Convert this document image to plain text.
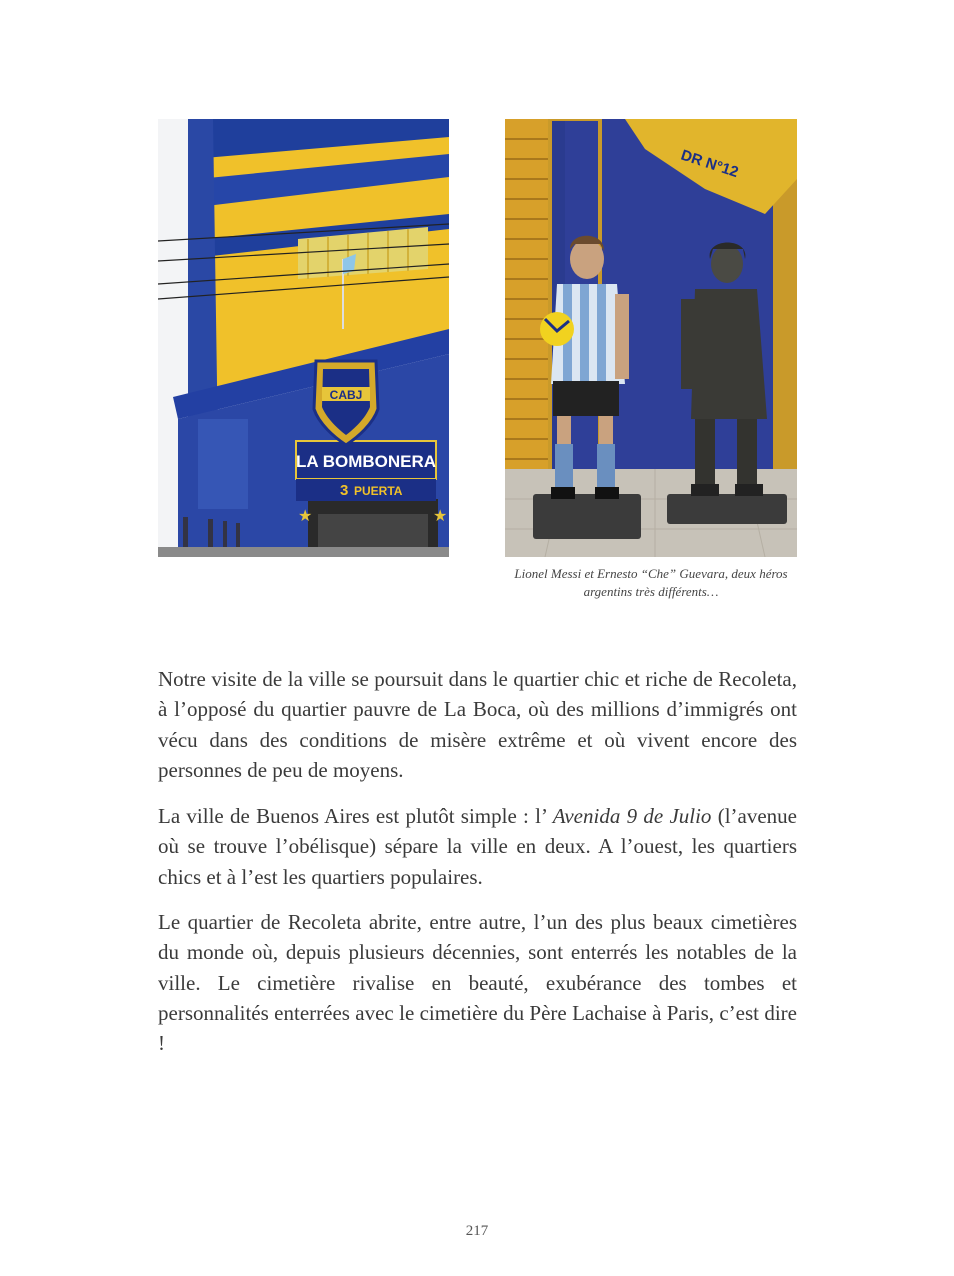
LA BOMBONERA
3 PUERTA
CABJ
★	★
DR N°12
Lionel Messi et Ernesto “Che” Guevara, deux héros argentins très différents…

Notre visite de la ville se poursuit dans le quartier chic et riche de Recoleta, à l’opposé du quartier pauvre de La Boca, où des millions d’immigrés ont vécu dans des conditions de misère extrême et où vivent encore des personnes de peu de moyens.

La ville de Buenos Aires est plutôt simple : l’ Avenida 9 de Julio (l’avenue où se trouve l’obélisque) sépare la ville en deux. A l’ouest, les quartiers chics et à l’est les quartiers populaires.

Le quartier de Recoleta abrite, entre autre, l’un des plus beaux cimetières du monde où, depuis plusieurs décennies, sont enterrés les notables de la ville. Le cimetière rivalise en beauté, exubérance des tombes et personnalités enterrées avec le cimetière du Père Lachaise à Paris, c’est dire !

217
